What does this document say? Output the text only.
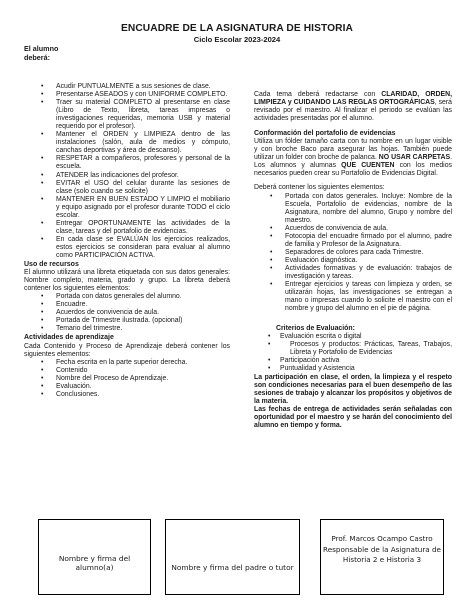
ENCUADRE DE LA ASIGNATURA DE HISTORIA
Ciclo Escolar 2023-2024
El alumno
deberá:
• Acudir PUNTUALMENTE a sus sesiones de clase.
• Presentarse ASEADOS y con UNIFORME COMPLETO.
• Traer su material COMPLETO al presentarse en clase (Libro de Texto, libreta, tareas impresas o investigaciones requeridas, memoria USB y material requerido por el profesor).
• Mantener el ORDEN y LIMPIEZA dentro de las instalaciones (salón, aula de medios y cómputo, canchas deportivas y área de descanso).
• RESPETAR a compañeros, profesores y personal de la escuela.
• ATENDER las indicaciones del profesor.
• EVITAR el USO del celular durante las sesiones de clase (solo cuando se solicite)
• MANTENER EN BUEN ESTADO Y LIMPIO el mobiliario y equipo asignado por el profesor durante TODO el ciclo escolar.
• Entregar OPORTUNAMENTE las actividades de la clase, tareas y del portafolio de evidencias.
• En cada clase se EVALÚAN los ejercicios realizados, estos ejercicios se consideran para evaluar al alumno como PARTICIPACIÓN ACTIVA.
Uso de recursos
El alumno utilizará una libreta etiquetada con sus datos generales: Nombre completo, materia, grado y grupo. La libreta deberá contener los siguientes elementos:
• Portada con datos generales del alumno.
• Encuadre.
• Acuerdos de convivencia de aula.
• Portada de Trimestre ilustrada. (opcional)
• Temario del trimestre.
Actividades de aprendizaje
Cada Contenido y Proceso de Aprendizaje deberá contener los siguientes elementos:
• Fecha escrita en la parte superior derecha.
• Contenido
• Nombre del Proceso de Aprendizaje.
• Evaluación.
• Conclusiones.
Cada tema deberá redactarse con CLARIDAD, ORDEN, LIMPIEZA y CUIDANDO LAS REGLAS ORTOGRÁFICAS, será revisado por el maestro. Al finalizar el periodo se evalúan las actividades presentadas por el alumno.
Conformación del portafolio de evidencias
Utiliza un fólder tamaño carta con tu nombre en un lugar visible y con broche Baco para asegurar las hojas. También puede utilizar un folder con broche de palanca. NO USAR CARPETAS. Los alumnos y alumnas QUE CUENTEN con los medios necesarios pueden crear su Portafolio de Evidencias Digital.
Deberá contener los siguientes elementos:
• Portada con datos generales. Incluye: Nombre de la Escuela, Portafolio de evidencias, nombre de la Asignatura, nombre del alumno, Grupo y nombre del maestro.
• Acuerdos de convivencia de aula.
• Fotocopia del encuadre firmado por el alumno, padre de familia y Profesor de la Asignatura.
• Separadores de colores para cada Trimestre.
• Evaluación diagnóstica.
• Actividades formativas y de evaluación: trabajos de investigación y tareas.
• Entregar ejercicios y tareas con limpieza y orden, se utilizarán hojas, las investigaciones se entregan a mano o impresas cuando lo solicite el maestro con el nombre y grupo del alumno en el pie de página.
Criterios de Evaluación:
• Evaluación escrita o digital
• Procesos y productos: Prácticas, Tareas, Trabajos, Libreta y Portafolio de Evidencias
• Participación activa
• Puntualidad y Asistencia
La participación en clase, el orden, la limpieza y el respeto son condiciones necesarias para el buen desempeño de las sesiones de trabajo y alcanzar los propósitos y objetivos de la materia.
Las fechas de entrega de actividades serán señaladas con oportunidad por el maestro y se harán del conocimiento del alumno en tiempo y forma.
Nombre y firma del alumno(a)	Nombre y firma del padre o tutor
Prof. Marcos Ocampo Castro
Responsable de la Asignatura de
Historia 2 e Historia 3
